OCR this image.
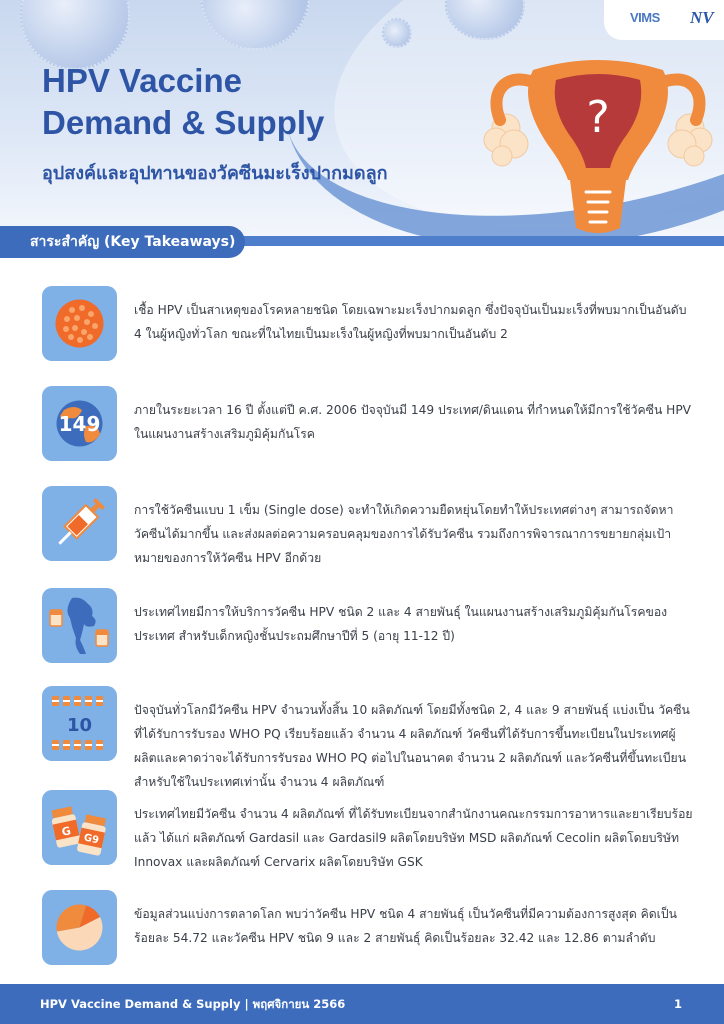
VIMS NV
?
HPV Vaccine
Demand & Supply
อุปสงค์และอุปทานของวัคซีนมะเร็งปากมดลูก
สาระสำคัญ (Key Takeaways)
เชื้อ HPV เป็นสาเหตุของโรคหลายชนิด โดยเฉพาะมะเร็งปากมดลูก ซึ่งปัจจุบันเป็นมะเร็งที่พบมากเป็นอันดับ 4 ในผู้หญิงทั่วโลก ขณะที่ในไทยเป็นมะเร็งในผู้หญิงที่พบมากเป็นอันดับ 2
149
ภายในระยะเวลา 16 ปี ตั้งแต่ปี ค.ศ. 2006 ปัจจุบันมี 149 ประเทศ/ดินแดน ที่กำหนดให้มีการใช้วัคซีน HPV ในแผนงานสร้างเสริมภูมิคุ้มกันโรค
การใช้วัคซีนแบบ 1 เข็ม (Single dose) จะทำให้เกิดความยืดหยุ่นโดยทำให้ประเทศต่างๆ สามารถจัดหาวัคซีนได้มากขึ้น และส่งผลต่อความครอบคลุมของการได้รับวัคซีน รวมถึงการพิจารณาการขยายกลุ่มเป้าหมายของการให้วัคซีน HPV อีกด้วย
ประเทศไทยมีการให้บริการวัคซีน HPV ชนิด 2 และ 4 สายพันธุ์ ในแผนงานสร้างเสริมภูมิคุ้มกันโรคของประเทศ สำหรับเด็กหญิงชั้นประถมศึกษาปีที่ 5 (อายุ 11-12 ปี)
10
ปัจจุบันทั่วโลกมีวัคซีน HPV จำนวนทั้งสิ้น 10 ผลิตภัณฑ์ โดยมีทั้งชนิด 2, 4 และ 9 สายพันธุ์ แบ่งเป็น วัคซีนที่ได้รับการรับรอง WHO PQ เรียบร้อยแล้ว จำนวน 4 ผลิตภัณฑ์ วัคซีนที่ได้รับการขึ้นทะเบียนในประเทศผู้ผลิตและคาดว่าจะได้รับการรับรอง WHO PQ ต่อไปในอนาคต จำนวน 2 ผลิตภัณฑ์ และวัคซีนที่ขึ้นทะเบียนสำหรับใช้ในประเทศเท่านั้น จำนวน 4 ผลิตภัณฑ์
G
G9
ประเทศไทยมีวัคซีน จำนวน 4 ผลิตภัณฑ์ ที่ได้รับทะเบียนจากสำนักงานคณะกรรมการอาหารและยาเรียบร้อยแล้ว ได้แก่ ผลิตภัณฑ์ Gardasil และ Gardasil9 ผลิตโดยบริษัท MSD ผลิตภัณฑ์ Cecolin ผลิตโดยบริษัท Innovax และผลิตภัณฑ์ Cervarix ผลิตโดยบริษัท GSK
ข้อมูลส่วนแบ่งการตลาดโลก พบว่าวัคซีน HPV ชนิด 4 สายพันธุ์ เป็นวัคซีนที่มีความต้องการสูงสุด คิดเป็นร้อยละ 54.72 และวัคซีน HPV ชนิด 9 และ 2 สายพันธุ์ คิดเป็นร้อยละ 32.42 และ 12.86 ตามลำดับ
HPV Vaccine Demand & Supply | พฤศจิกายน 2566	1
